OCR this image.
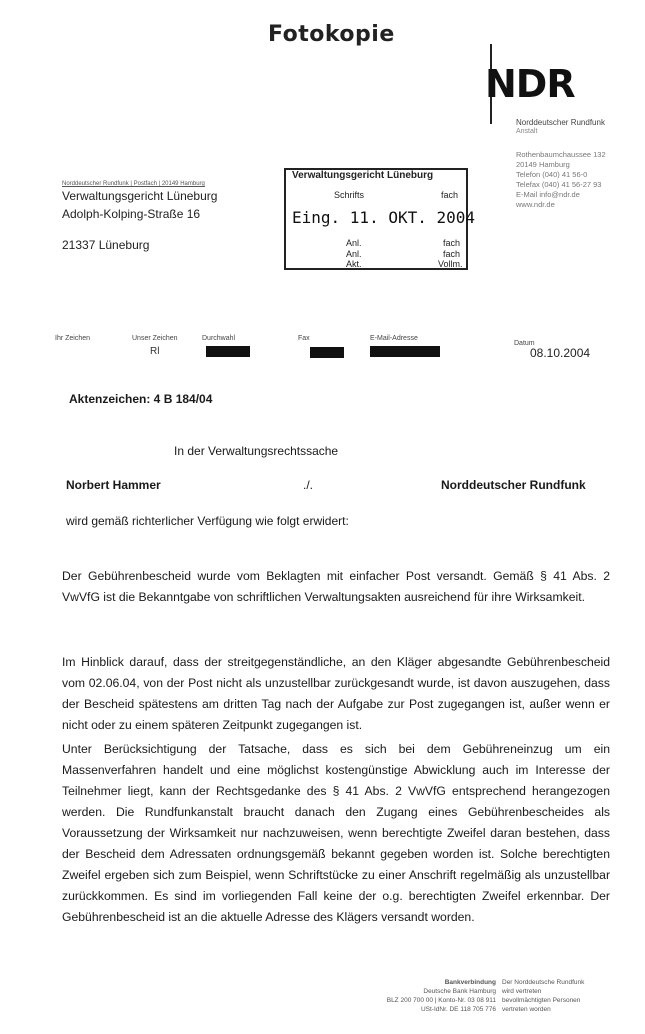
Fotokopie
NDR
Norddeutscher Rundfunk
Anstalt
Rothenbaumchaussee 132
20149 Hamburg
Telefon (040) 41 56-0
Telefax (040) 41 56-27 93
E-Mail info@ndr.de
www.ndr.de
Norddeutscher Rundfunk | Postfach | 20149 Hamburg
Verwaltungsgericht Lüneburg
Adolph-Kolping-Straße 16
21337 Lüneburg
Verwaltungsgericht Lüneburg
Schrifts	fach
Eing. 11. OKT. 2004
Anl.	fach
Anl.	fach
Akt.	Vollm.
Ihr Zeichen	Unser Zeichen
Rl
Durchwahl	Fax	E-Mail-Adresse
Datum
08.10.2004
Aktenzeichen: 4 B 184/04
In der Verwaltungsrechtssache
Norbert Hammer	./.	Norddeutscher Rundfunk
wird gemäß richterlicher Verfügung wie folgt erwidert:

Der Gebührenbescheid wurde vom Beklagten mit einfacher Post versandt. Gemäß § 41 Abs. 2 VwVfG ist die Bekanntgabe von schriftlichen Verwaltungsakten ausreichend für ihre Wirksamkeit.

Im Hinblick darauf, dass der streitgegenständliche, an den Kläger abgesandte Gebührenbescheid vom 02.06.04, von der Post nicht als unzustellbar zurückgesandt wurde, ist davon auszugehen, dass der Bescheid spätestens am dritten Tag nach der Aufgabe zur Post zugegangen ist, außer wenn er nicht oder zu einem späteren Zeitpunkt zugegangen ist.

Unter Berücksichtigung der Tatsache, dass es sich bei dem Gebühreneinzug um ein Massenverfahren handelt und eine möglichst kostengünstige Abwicklung auch im Interesse der Teilnehmer liegt, kann der Rechtsgedanke des § 41 Abs. 2 VwVfG entsprechend herangezogen werden. Die Rundfunkanstalt braucht danach den Zugang eines Gebührenbescheides als Voraussetzung der Wirksamkeit nur nachzuweisen, wenn berechtigte Zweifel daran bestehen, dass der Bescheid dem Adressaten ordnungsgemäß bekannt gegeben worden ist. Solche berechtigten Zweifel ergeben sich zum Beispiel, wenn Schriftstücke zu einer Anschrift regelmäßig als unzustellbar zurückkommen. Es sind im vorliegenden Fall keine der o.g. berechtigten Zweifel erkennbar. Der Gebührenbescheid ist an die aktuelle Adresse des Klägers versandt worden.

Bankverbindung
Deutsche Bank Hamburg
BLZ 200 700 00 | Konto-Nr. 03 08 911
USt-IdNr. DE 118 705 776
Der Norddeutsche Rundfunk
wird vertreten
bevollmächtigten Personen
vertreten worden
